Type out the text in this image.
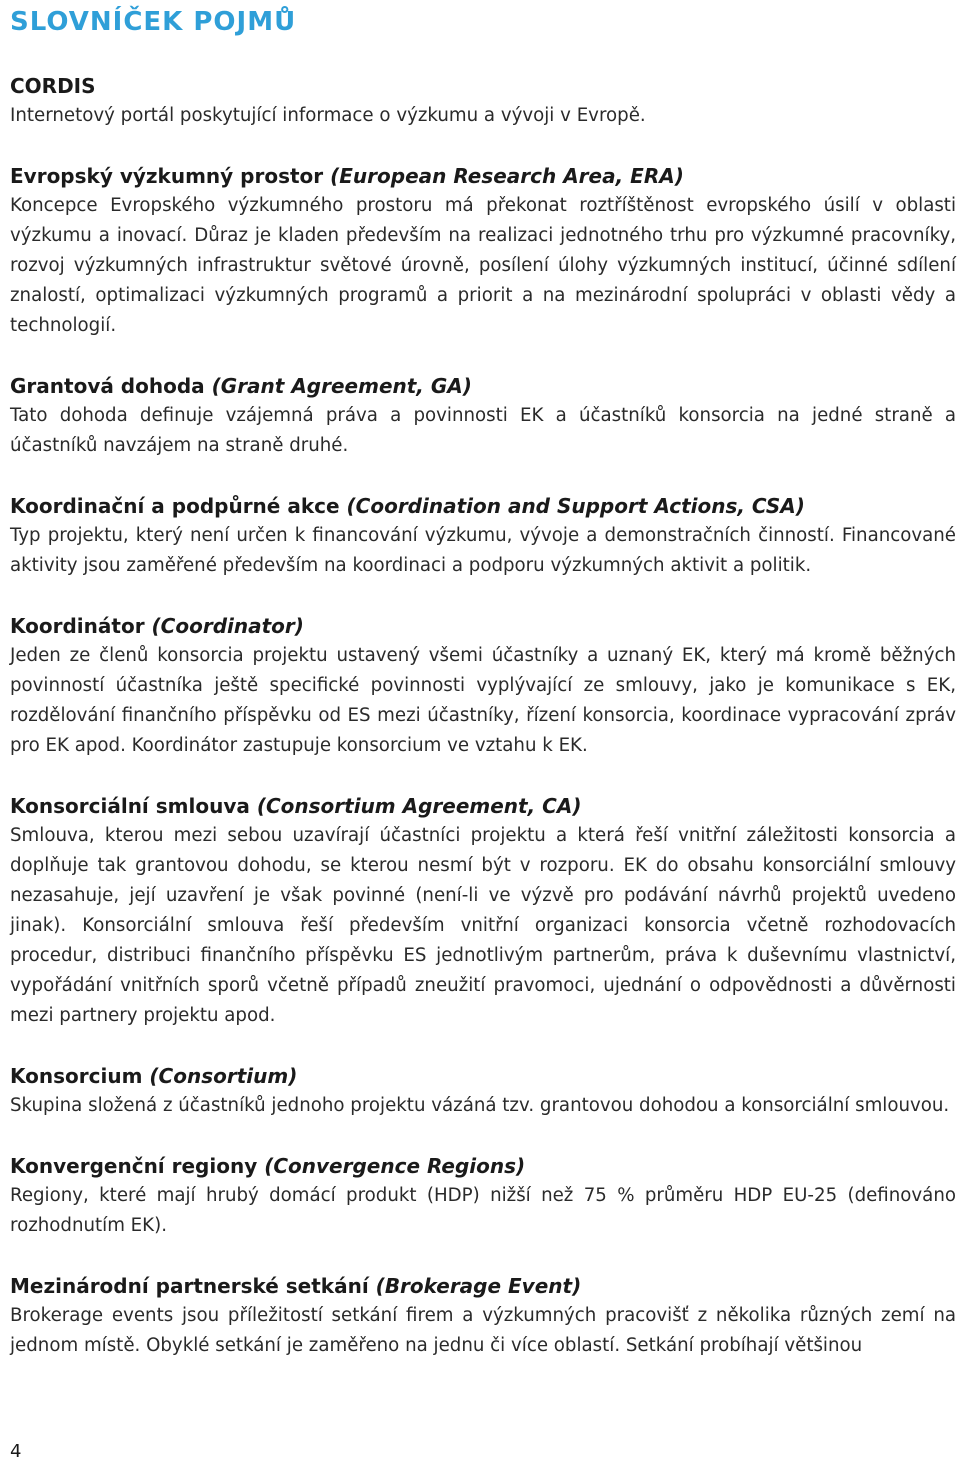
SLOVNÍČEK POJMŮ

CORDIS

Internetový portál poskytující informace o výzkumu a vývoji v Evropě.

Evropský výzkumný prostor (European Research Area, ERA)

Koncepce Evropského výzkumného prostoru má překonat roztříštěnost evropského úsilí v oblasti výzkumu a inovací. Důraz je kladen především na realizaci jednotného trhu pro výzkumné pracovníky, rozvoj výzkumných infrastruktur světové úrovně, posílení úlohy výzkumných institucí, účinné sdílení znalostí, optimalizaci výzkumných programů a priorit a na mezinárodní spolupráci v oblasti vědy a technologií.

Grantová dohoda (Grant Agreement, GA)

Tato dohoda definuje vzájemná práva a povinnosti EK a účastníků konsorcia na jedné straně a účastníků navzájem na straně druhé.

Koordinační a podpůrné akce (Coordination and Support Actions, CSA)

Typ projektu, který není určen k financování výzkumu, vývoje a demonstračních činností. Financované aktivity jsou zaměřené především na koordinaci a podporu výzkumných aktivit a politik.

Koordinátor (Coordinator)

Jeden ze členů konsorcia projektu ustavený všemi účastníky a uznaný EK, který má kromě běžných povinností účastníka ještě specifické povinnosti vyplývající ze smlouvy, jako je komunikace s EK, rozdělování finančního příspěvku od ES mezi účastníky, řízení konsorcia, koordinace vypracování zpráv pro EK apod. Koordinátor zastupuje konsorcium ve vztahu k EK.

Konsorciální smlouva (Consortium Agreement, CA)

Smlouva, kterou mezi sebou uzavírají účastníci projektu a která řeší vnitřní záležitosti konsorcia a doplňuje tak grantovou dohodu, se kterou nesmí být v rozporu. EK do obsahu konsorciální smlouvy nezasahuje, její uzavření je však povinné (není-li ve výzvě pro podávání návrhů projektů uvedeno jinak). Konsorciální smlouva řeší především vnitřní organizaci konsorcia včetně rozhodovacích procedur, distribuci finančního příspěvku ES jednotlivým partnerům, práva k duševnímu vlastnictví, vypořádání vnitřních sporů včetně případů zneužití pravomoci, ujednání o odpovědnosti a důvěrnosti mezi partnery projektu apod.

Konsorcium (Consortium)

Skupina složená z účastníků jednoho projektu vázáná tzv. grantovou dohodou a konsorciální smlouvou.

Konvergenční regiony (Convergence Regions)

Regiony, které mají hrubý domácí produkt (HDP) nižší než 75 % průměru HDP EU-25 (definováno rozhodnutím EK).

Mezinárodní partnerské setkání (Brokerage Event)

Brokerage events jsou příležitostí setkání firem a výzkumných pracovišť z několika různých zemí na jednom místě. Obyklé setkání je zaměřeno na jednu či více oblastí. Setkání probíhají většinou

4
